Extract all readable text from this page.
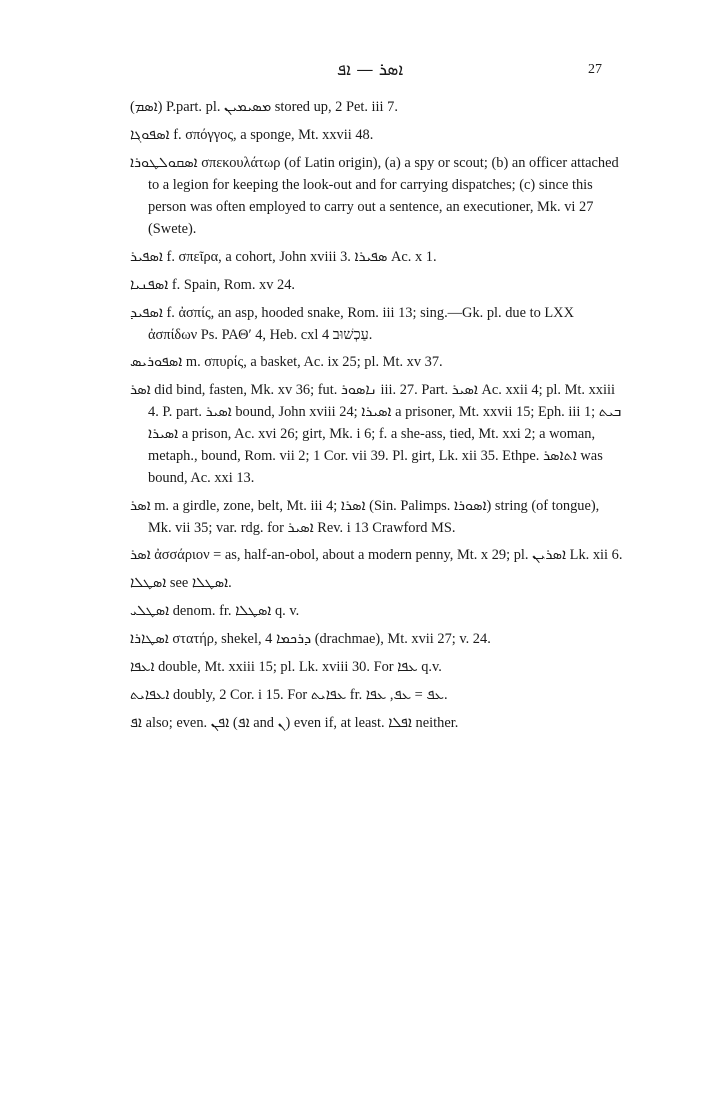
ܐܣܪ — ܐܦ	27

(ܐܣܡ) P.part. pl. ܡܣܝܡܝܢ stored up, 2 Pet. iii 7.

ܐܣܦܘܓܐ f. σπόγγος, a sponge, Mt. xxvii 48.

ܐܣܩܘܠܛܘܪܐ σπεκουλάτωρ (of Latin origin), (a) a spy or scout; (b) an officer attached to a legion for keeping the look-out and for carrying dispatches; (c) since this person was often employed to carry out a sentence, an executioner, Mk. vi 27 (Swete).

ܐܣܦܝܪ f. σπεῖρα, a cohort, John xviii 3. ܣܦܝܪܐ Ac. x 1.

ܐܣܦܢܝܐ f. Spain, Rom. xv 24.

ܐܣܦܝܕ f. ἀσπίς, an asp, hooded snake, Rom. iii 13; sing.—Gk. pl. due to LXX ἀσπίδων Ps. ΡΑΘʹ 4, Heb. cxl 4 עַכְשׁוּב.

ܐܣܦܘܪܝܣ m. σπυρίς, a basket, Ac. ix 25; pl. Mt. xv 37.

ܐܣܪ did bind, fasten, Mk. xv 36; fut. ܢܐܣܘܪ iii. 27. Part. ܐܣܝܪ Ac. xxii 4; pl. Mt. xxiii 4. P. part. ܐܣܝܪ bound, John xviii 24; ܐܣܝܪܐ a prisoner, Mt. xxvii 15; Eph. iii 1; ܒܝܬ ܐܣܝܪܐ a prison, Ac. xvi 26; girt, Mk. i 6; f. a she-ass, tied, Mt. xxi 2; a woman, metaph., bound, Rom. vii 2; 1 Cor. vii 39. Pl. girt, Lk. xii 35. Ethpe. ܐܬܐܣܪ was bound, Ac. xxi 13.

ܐܣܪ m. a girdle, zone, belt, Mt. iii 4; ܐܣܪܐ (Sin. Palimps. ܐܣܘܪܐ) string (of tongue), Mk. vii 35; var. rdg. for ܐܣܝܪ Rev. i 13 Crawford MS.

ܐܣܪ ἀσσάριον = as, half-an-obol, about a modern penny, Mt. x 29; pl. ܐܣܪܝܢ Lk. xii 6.

ܐܣܛܠܐ see ܐܣܛܠܐ.

ܐܣܛܠܝ denom. fr. ܐܣܛܠܐ q. v.

ܐܣܛܐܪܐ στατήρ, shekel, 4 ܕܪܟܡܐ (drachmae), Mt. xvii 27; v. 24.

ܐܥܦܐ double, Mt. xxiii 15; pl. Lk. xviii 30. For ܥܦܐ q.v.

ܐܥܦܐܝܬ doubly, 2 Cor. i 15. For ܥܦܐܝܬ fr. ܥܦ = ܥܦ, ܥܦܐ.

ܐܦ also; even. ܐܦܢ (ܐܦ and ܢ) even if, at least. ܐܦܠܐ neither.
